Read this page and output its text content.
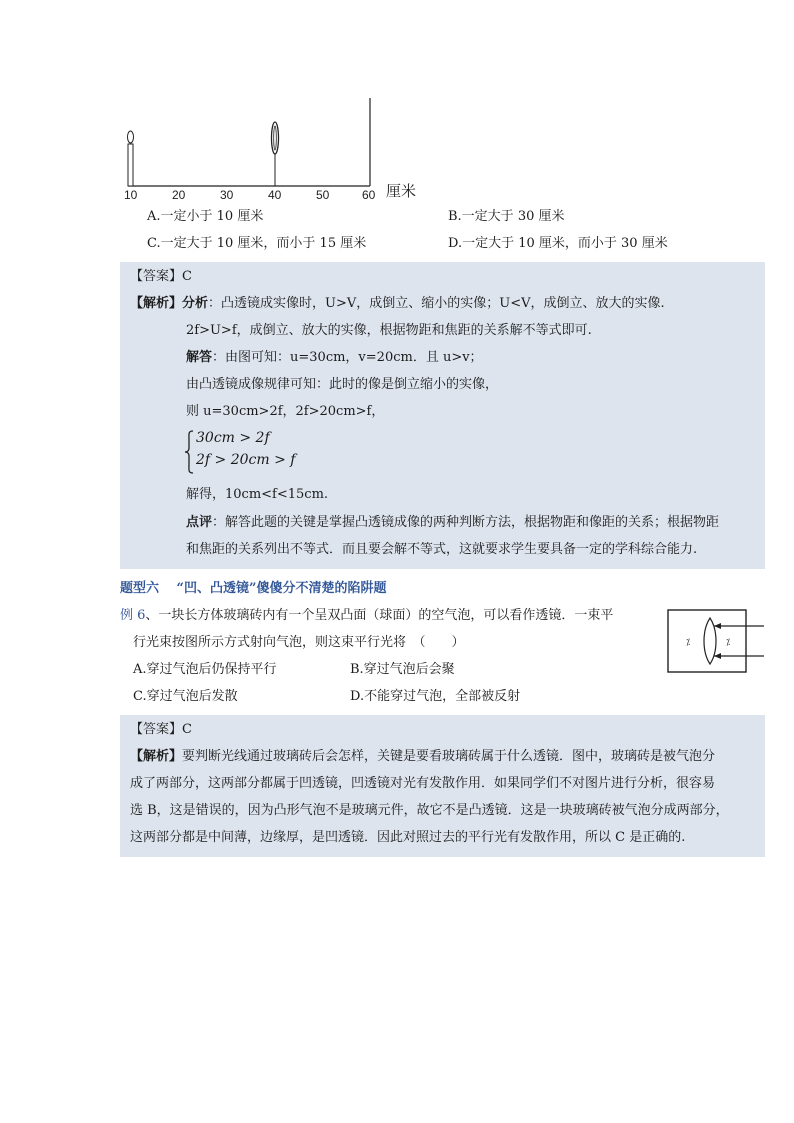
10	20	30	40	50	60 厘米
A.一定小于 10 厘米	B.一定大于 30 厘米
C.一定大于 10 厘米，而小于 15 厘米	D.一定大于 10 厘米，而小于 30 厘米
【答案】C
【解析】分析：凸透镜成实像时，U>V，成倒立、缩小的实像；U<V，成倒立、放大的实像.
2f>U>f，成倒立、放大的实像，根据物距和焦距的关系解不等式即可.
解答：由图可知：u=30cm，v=20cm．且 u>v；
由凸透镜成像规律可知：此时的像是倒立缩小的实像，
则 u=30cm>2f，2f>20cm>f，
30cm > 2f
2f > 20cm > f
解得，10cm<f<15cm.
点评：解答此题的关键是掌握凸透镜成像的两种判断方法，根据物距和像距的关系；根据物距
和焦距的关系列出不等式．而且要会解不等式，这就要求学生要具备一定的学科综合能力.
题型六　 “凹、凸透镜”傻傻分不清楚的陷阱题
例 6、一块长方体玻璃砖内有一个呈双凸面（球面）的空气泡，可以看作透镜．一束平
行光束按图所示方式射向气泡，则这束平行光将　（　　）	⁒	⁒
A.穿过气泡后仍保持平行	B.穿过气泡后会聚
C.穿过气泡后发散	D.不能穿过气泡，全部被反射
【答案】C
【解析】要判断光线通过玻璃砖后会怎样，关键是要看玻璃砖属于什么透镜．图中，玻璃砖是被气泡分
成了两部分，这两部分都属于凹透镜，凹透镜对光有发散作用．如果同学们不对图片进行分析，很容易
选 B，这是错误的，因为凸形气泡不是玻璃元件，故它不是凸透镜．这是一块玻璃砖被气泡分成两部分，
这两部分都是中间薄，边缘厚，是凹透镜．因此对照过去的平行光有发散作用，所以 C 是正确的.
